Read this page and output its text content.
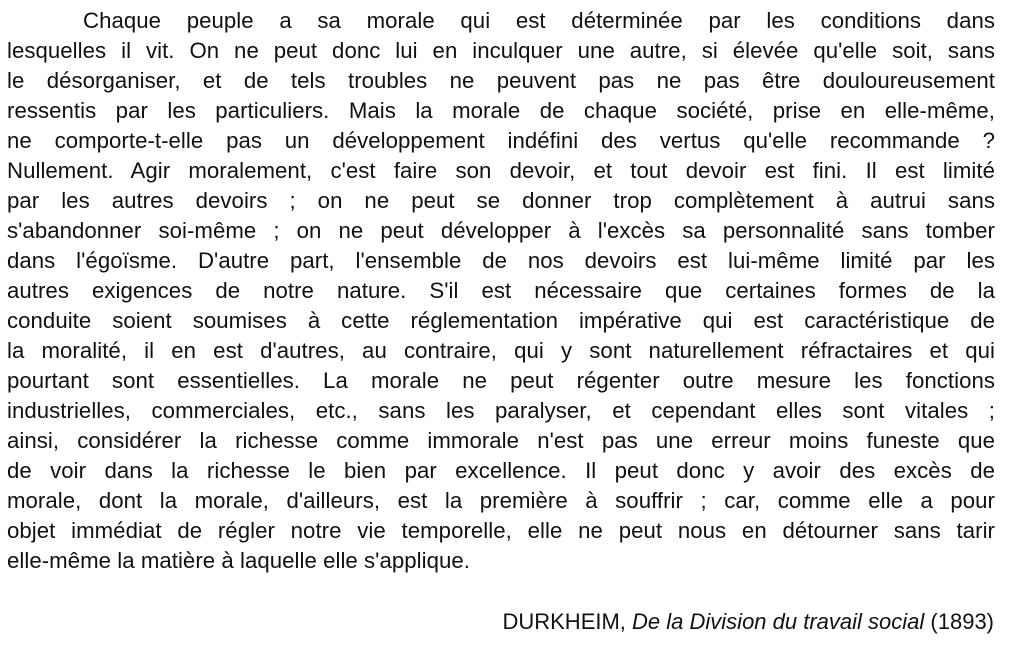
Chaque peuple a sa morale qui est déterminée par les conditions dans
lesquelles il vit. On ne peut donc lui en inculquer une autre, si élevée qu'elle soit, sans
le désorganiser, et de tels troubles ne peuvent pas ne pas être douloureusement
ressentis par les particuliers. Mais la morale de chaque société, prise en elle-même,
ne comporte-t-elle pas un développement indéfini des vertus qu'elle recommande ?
Nullement. Agir moralement, c'est faire son devoir, et tout devoir est fini. Il est limité
par les autres devoirs ; on ne peut se donner trop complètement à autrui sans
s'abandonner soi-même ; on ne peut développer à l'excès sa personnalité sans tomber
dans l'égoïsme. D'autre part, l'ensemble de nos devoirs est lui-même limité par les
autres exigences de notre nature. S'il est nécessaire que certaines formes de la
conduite soient soumises à cette réglementation impérative qui est caractéristique de
la moralité, il en est d'autres, au contraire, qui y sont naturellement réfractaires et qui
pourtant sont essentielles. La morale ne peut régenter outre mesure les fonctions
industrielles, commerciales, etc., sans les paralyser, et cependant elles sont vitales ;
ainsi, considérer la richesse comme immorale n'est pas une erreur moins funeste que
de voir dans la richesse le bien par excellence. Il peut donc y avoir des excès de
morale, dont la morale, d'ailleurs, est la première à souffrir ; car, comme elle a pour
objet immédiat de régler notre vie temporelle, elle ne peut nous en détourner sans tarir
elle-même la matière à laquelle elle s'applique.
DURKHEIM, De la Division du travail social (1893)
